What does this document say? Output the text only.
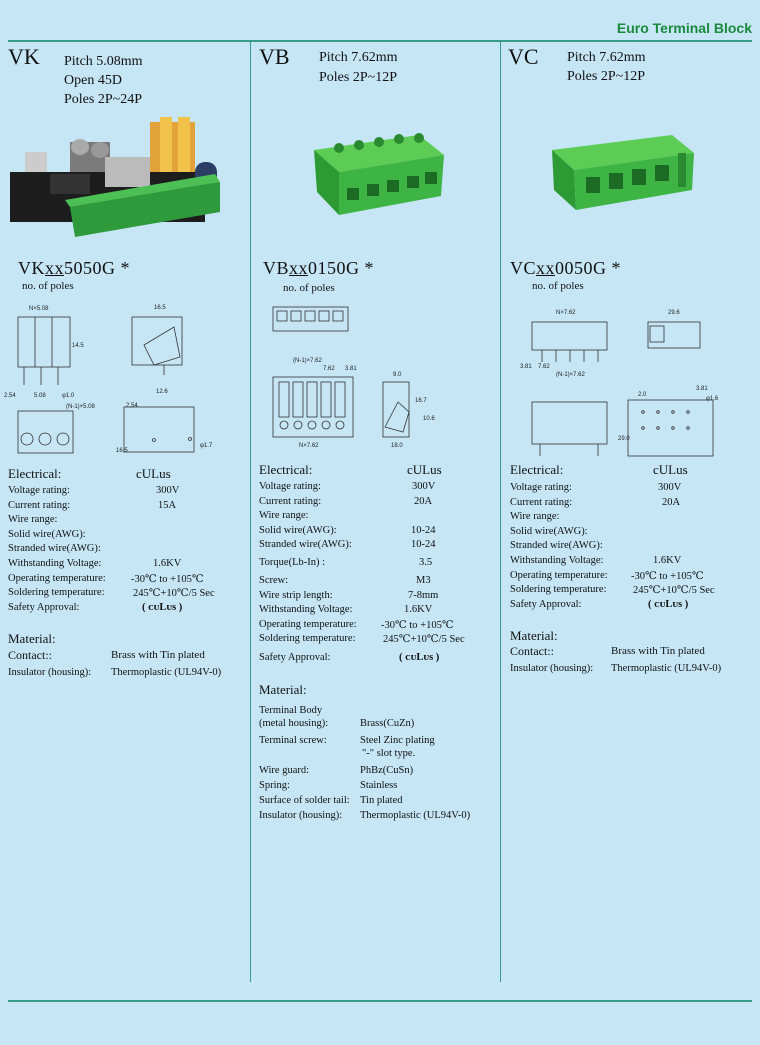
Euro Terminal Block
VK Pitch 5.08mm
Open 45D
Poles 2P~24P
VKxx5050G *
no. of poles
N×5.08
14.5
2.54	5.08	φ1.0
(N-1)×5.08
16.5
16.5
12.6
2.54
φ1.7
Electrical:	cULus
Voltage rating:	300V
Current rating:	15A
Wire range:
Solid wire(AWG):
Stranded wire(AWG):
Withstanding Voltage:	1.6KV
Operating temperature: -30℃ to +105℃
Soldering temperature:	245℃+10℃/5 Sec
Safety Approval:	( ᴄᴜLᴜs )
Material:
Contact::	Brass with Tin plated
Insulator (housing): Thermoplastic (UL94V-0)
VB Pitch 7.62mm
Poles 2P~12P
VBxx0150G *
no. of poles
(N-1)×7.62
7.62 3.81
N×7.62
9.0
16.7
18.0
10.6
Electrical:	cULus
Voltage rating:	300V
Current rating:	20A
Wire range:
Solid wire(AWG):	10-24
Stranded wire(AWG):	10-24
Torque(Lb-In) :	3.5
Screw:	M3
Wire strip length:	7-8mm
Withstanding Voltage:	1.6KV
Operating temperature: -30℃ to +105℃
Soldering temperature:	245℃+10℃/5 Sec
Safety Approval:	( ᴄᴜLᴜs )
Material:
Terminal Body
(metal housing):	Brass(CuZn)
Terminal screw:	Steel Zinc plating
"-" slot type.
Wire guard:	PhBz(CuSn)
Spring:	Stainless
Surface of solder tail: Tin plated
Insulator (housing): Thermoplastic (UL94V-0)
VC Pitch 7.62mm
Poles 2P~12P
VCxx0050G *
no. of poles
N×7.62	29.6
(N-1)×7.62
3.81 7.62
3.81
2.0
29.0
φ1.6
Electrical:	cULus
Voltage rating:	300V
Current rating:	20A
Wire range:
Solid wire(AWG):
Stranded wire(AWG):
Withstanding Voltage:	1.6KV
Operating temperature: -30℃ to +105℃
Soldering temperature:	245℃+10℃/5 Sec
Safety Approval:	( ᴄᴜLᴜs )
Material:
Contact::	Brass with Tin plated
Insulator (housing): Thermoplastic (UL94V-0)
